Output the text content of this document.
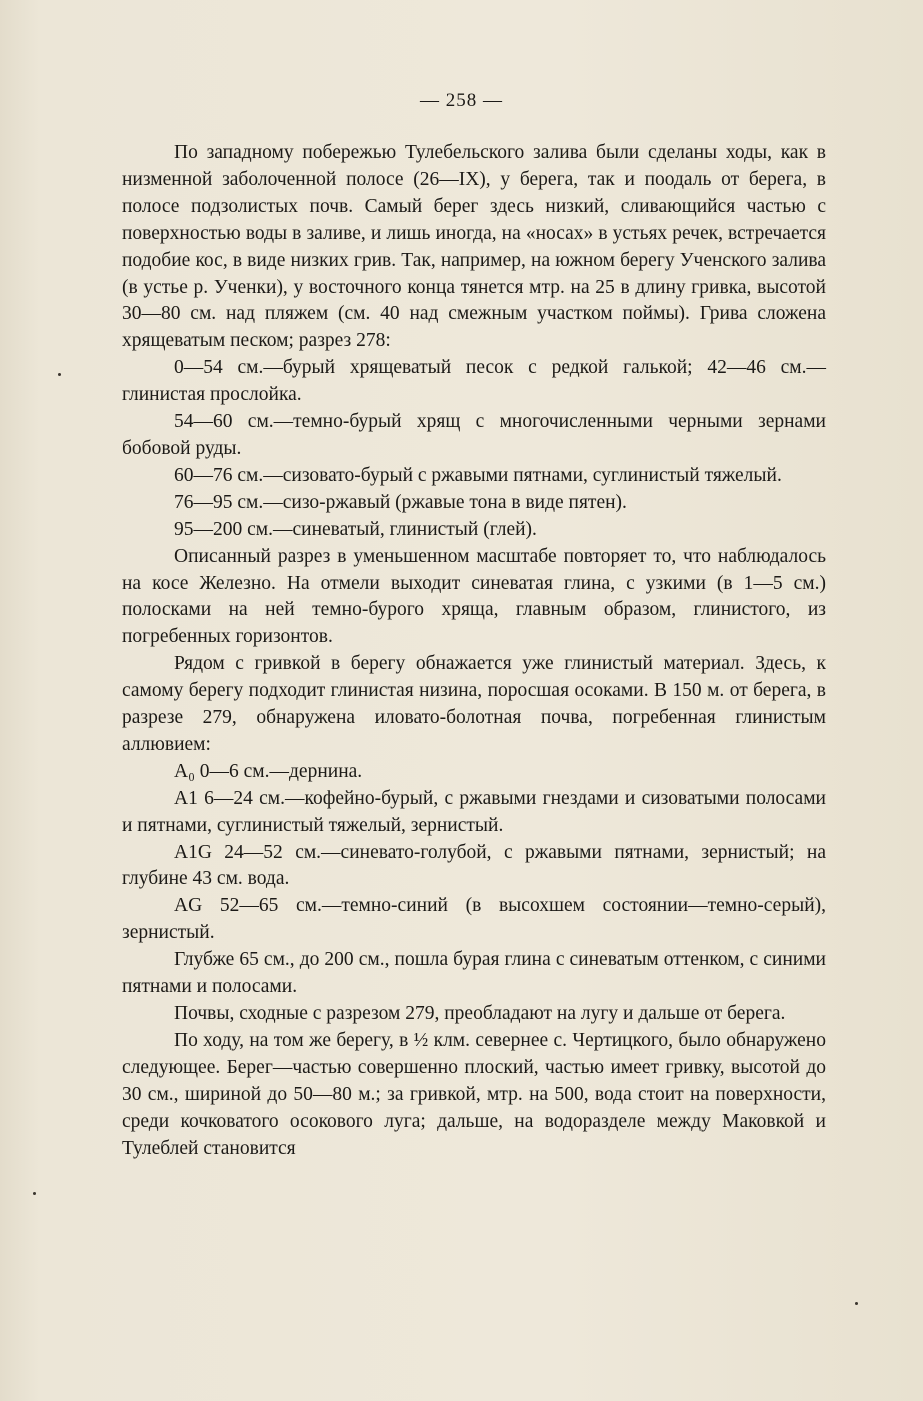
— 258 —

По западному побережью Тулебельского залива были сделаны ходы, как в низменной заболоченной полосе (26—IX), у берега, так и поодаль от берега, в полосе подзолистых почв. Самый берег здесь низкий, сливающийся частью с поверхностью воды в заливе, и лишь иногда, на «носах» в устьях речек, встречается подобие кос, в виде низких грив. Так, например, на южном берегу Ученского залива (в устье р. Ученки), у восточного конца тянется мтр. на 25 в длину гривка, высотой 30—80 см. над пляжем (см. 40 над смежным участком поймы). Грива сложена хрящеватым песком; разрез 278:

0—54 см.—бурый хрящеватый песок с редкой галькой; 42—46 см.—глинистая прослойка.

54—60 см.—темно-бурый хрящ с многочисленными черными зернами бобовой руды.

60—76 см.—сизовато-бурый с ржавыми пятнами, суглинистый тяжелый.

76—95 см.—сизо-ржавый (ржавые тона в виде пятен).

95—200 см.—синеватый, глинистый (глей).

Описанный разрез в уменьшенном масштабе повторяет то, что наблюдалось на косе Железно. На отмели выходит синеватая глина, с узкими (в 1—5 см.) полосками на ней темно-бурого хряща, главным образом, глинистого, из погребенных горизонтов.

Рядом с гривкой в берегу обнажается уже глинистый материал. Здесь, к самому берегу подходит глинистая низина, поросшая осоками. В 150 м. от берега, в разрезе 279, обнаружена иловато-болотная почва, погребенная глинистым аллювием:

A₀ 0—6 см.—дернина.

A1 6—24 см.—кофейно-бурый, с ржавыми гнездами и сизоватыми полосами и пятнами, суглинистый тяжелый, зернистый.

A1G 24—52 см.—синевато-голубой, с ржавыми пятнами, зернистый; на глубине 43 см. вода.

AG 52—65 см.—темно-синий (в высохшем состоянии—темно-серый), зернистый.

Глубже 65 см., до 200 см., пошла бурая глина с синеватым оттенком, с синими пятнами и полосами.

Почвы, сходные с разрезом 279, преобладают на лугу и дальше от берега.

По ходу, на том же берегу, в ½ клм. севернее с. Чертицкого, было обнаружено следующее. Берег—частью совершенно плоский, частью имеет гривку, высотой до 30 см., шириной до 50—80 м.; за гривкой, мтр. на 500, вода стоит на поверхности, среди кочковатого осокового луга; дальше, на водоразделе между Маковкой и Тулеблей становится
